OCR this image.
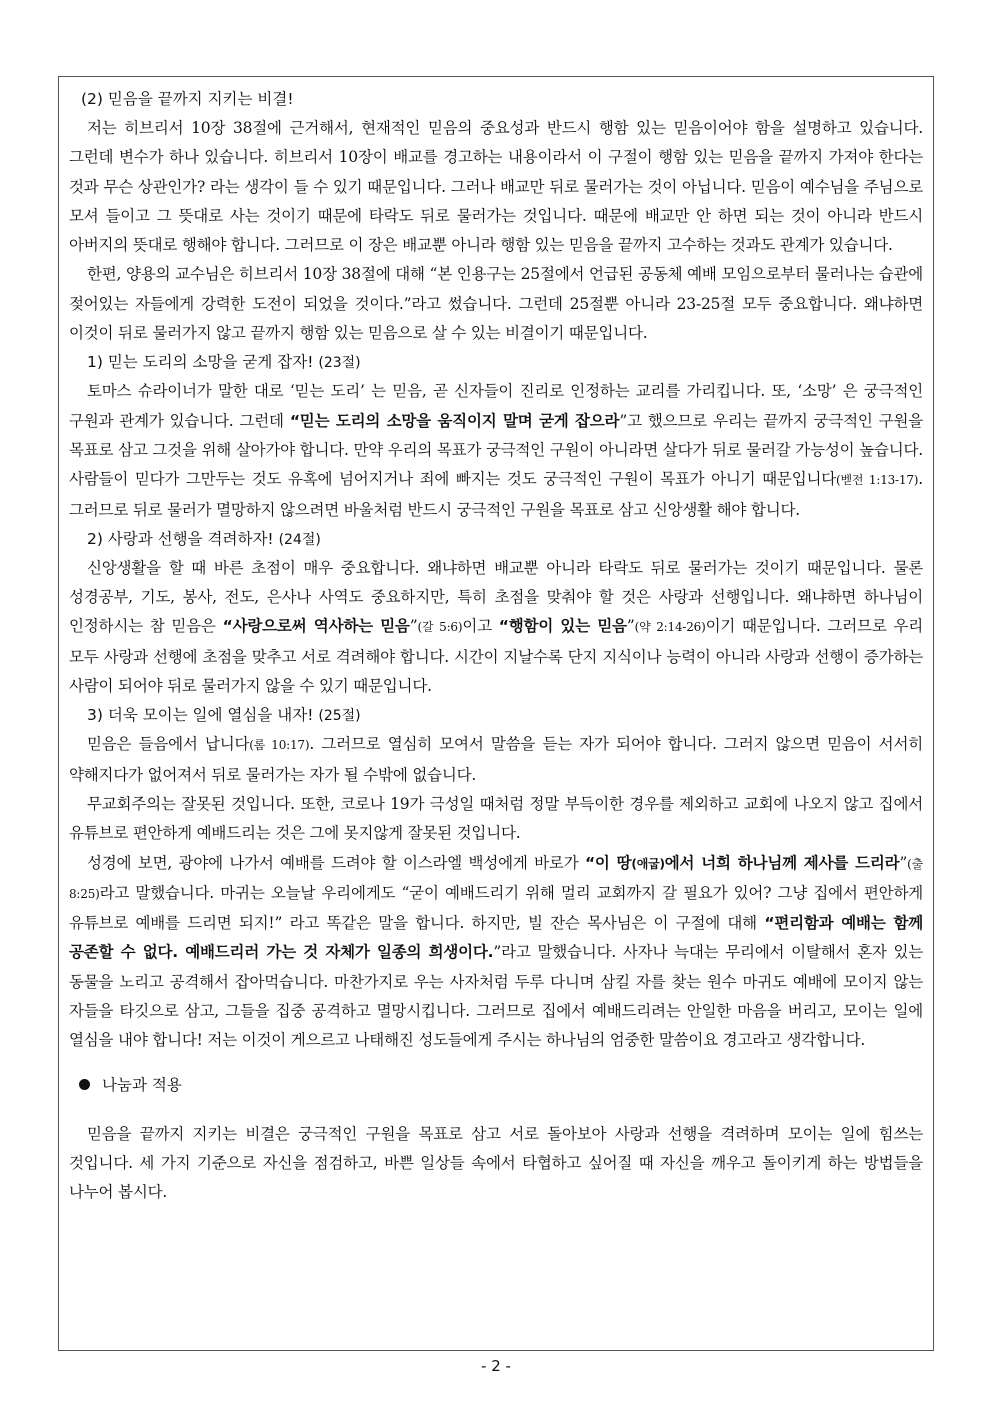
(2) 믿음을 끝까지 지키는 비결!

저는 히브리서 10장 38절에 근거해서, 현재적인 믿음의 중요성과 반드시 행함 있는 믿음이어야 함을 설명하고 있습니다. 그런데 변수가 하나 있습니다. 히브리서 10장이 배교를 경고하는 내용이라서 이 구절이 행함 있는 믿음을 끝까지 가져야 한다는 것과 무슨 상관인가? 라는 생각이 들 수 있기 때문입니다. 그러나 배교만 뒤로 물러가는 것이 아닙니다. 믿음이 예수님을 주님으로 모셔 들이고 그 뜻대로 사는 것이기 때문에 타락도 뒤로 물러가는 것입니다. 때문에 배교만 안 하면 되는 것이 아니라 반드시 아버지의 뜻대로 행해야 합니다. 그러므로 이 장은 배교뿐 아니라 행함 있는 믿음을 끝까지 고수하는 것과도 관계가 있습니다.

한편, 양용의 교수님은 히브리서 10장 38절에 대해 “본 인용구는 25절에서 언급된 공동체 예배 모임으로부터 물러나는 습관에 젖어있는 자들에게 강력한 도전이 되었을 것이다.”라고 썼습니다. 그런데 25절뿐 아니라 23-25절 모두 중요합니다. 왜냐하면 이것이 뒤로 물러가지 않고 끝까지 행함 있는 믿음으로 살 수 있는 비결이기 때문입니다.

1) 믿는 도리의 소망을 굳게 잡자! (23절)

토마스 슈라이너가 말한 대로 ‘믿는 도리’ 는 믿음, 곧 신자들이 진리로 인정하는 교리를 가리킵니다. 또, ‘소망’ 은 궁극적인 구원과 관계가 있습니다. 그런데 “믿는 도리의 소망을 움직이지 말며 굳게 잡으라”고 했으므로 우리는 끝까지 궁극적인 구원을 목표로 삼고 그것을 위해 살아가야 합니다. 만약 우리의 목표가 궁극적인 구원이 아니라면 살다가 뒤로 물러갈 가능성이 높습니다. 사람들이 믿다가 그만두는 것도 유혹에 넘어지거나 죄에 빠지는 것도 궁극적인 구원이 목표가 아니기 때문입니다(벧전 1:13-17). 그러므로 뒤로 물러가 멸망하지 않으려면 바울처럼 반드시 궁극적인 구원을 목표로 삼고 신앙생활 해야 합니다.

2) 사랑과 선행을 격려하자! (24절)

신앙생활을 할 때 바른 초점이 매우 중요합니다. 왜냐하면 배교뿐 아니라 타락도 뒤로 물러가는 것이기 때문입니다. 물론 성경공부, 기도, 봉사, 전도, 은사나 사역도 중요하지만, 특히 초점을 맞춰야 할 것은 사랑과 선행입니다. 왜냐하면 하나님이 인정하시는 참 믿음은 “사랑으로써 역사하는 믿음”(갈 5:6)이고 “행함이 있는 믿음”(약 2:14-26)이기 때문입니다. 그러므로 우리 모두 사랑과 선행에 초점을 맞추고 서로 격려해야 합니다. 시간이 지날수록 단지 지식이나 능력이 아니라 사랑과 선행이 증가하는 사람이 되어야 뒤로 물러가지 않을 수 있기 때문입니다.

3) 더욱 모이는 일에 열심을 내자! (25절)

믿음은 들음에서 납니다(롬 10:17). 그러므로 열심히 모여서 말씀을 듣는 자가 되어야 합니다. 그러지 않으면 믿음이 서서히 약해지다가 없어져서 뒤로 물러가는 자가 될 수밖에 없습니다.

무교회주의는 잘못된 것입니다. 또한, 코로나 19가 극성일 때처럼 정말 부득이한 경우를 제외하고 교회에 나오지 않고 집에서 유튜브로 편안하게 예배드리는 것은 그에 못지않게 잘못된 것입니다.

성경에 보면, 광야에 나가서 예배를 드려야 할 이스라엘 백성에게 바로가 “이 땅(애굽)에서 너희 하나님께 제사를 드리라”(출 8:25)라고 말했습니다. 마귀는 오늘날 우리에게도 “굳이 예배드리기 위해 멀리 교회까지 갈 필요가 있어? 그냥 집에서 편안하게 유튜브로 예배를 드리면 되지!” 라고 똑같은 말을 합니다. 하지만, 빌 잔슨 목사님은 이 구절에 대해 “편리함과 예배는 함께 공존할 수 없다. 예배드리러 가는 것 자체가 일종의 희생이다.”라고 말했습니다. 사자나 늑대는 무리에서 이탈해서 혼자 있는 동물을 노리고 공격해서 잡아먹습니다. 마찬가지로 우는 사자처럼 두루 다니며 삼킬 자를 찾는 원수 마귀도 예배에 모이지 않는 자들을 타깃으로 삼고, 그들을 집중 공격하고 멸망시킵니다. 그러므로 집에서 예배드리려는 안일한 마음을 버리고, 모이는 일에 열심을 내야 합니다! 저는 이것이 게으르고 나태해진 성도들에게 주시는 하나님의 엄중한 말씀이요 경고라고 생각합니다.

나눔과 적용

믿음을 끝까지 지키는 비결은 궁극적인 구원을 목표로 삼고 서로 돌아보아 사랑과 선행을 격려하며 모이는 일에 힘쓰는 것입니다. 세 가지 기준으로 자신을 점검하고, 바쁜 일상들 속에서 타협하고 싶어질 때 자신을 깨우고 돌이키게 하는 방법들을 나누어 봅시다.

- 2 -
